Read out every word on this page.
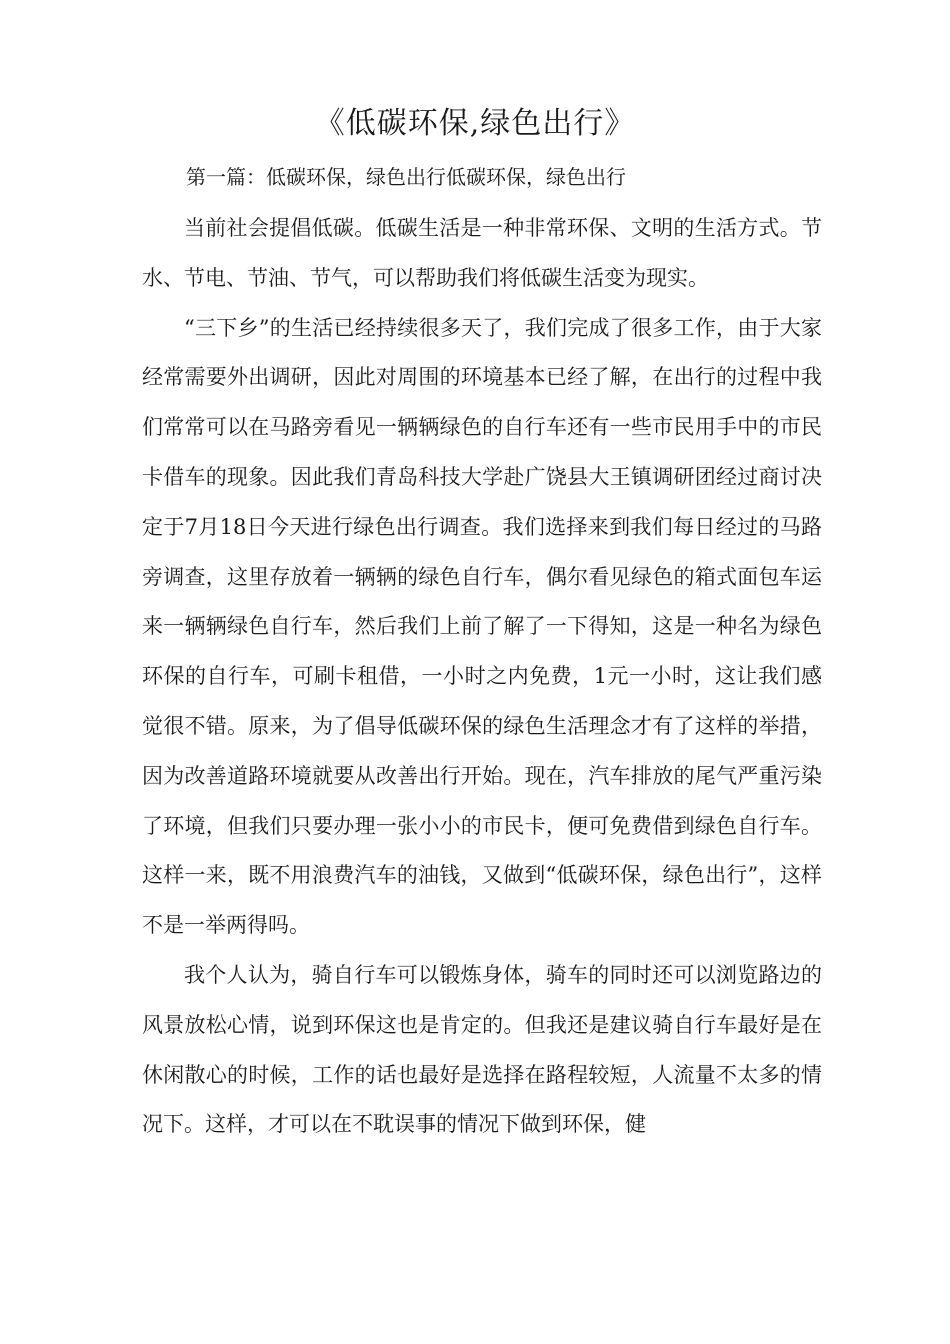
《低碳环保,绿色出行》

第一篇：低碳环保，绿色出行低碳环保，绿色出行

当前社会提倡低碳。低碳生活是一种非常环保、文明的生活方式。节水、节电、节油、节气，可以帮助我们将低碳生活变为现实。

“三下乡”的生活已经持续很多天了，我们完成了很多工作，由于大家经常需要外出调研，因此对周围的环境基本已经了解，在出行的过程中我们常常可以在马路旁看见一辆辆绿色的自行车还有一些市民用手中的市民卡借车的现象。因此我们青岛科技大学赴广饶县大王镇调研团经过商讨决定于7月18日今天进行绿色出行调查。我们选择来到我们每日经过的马路旁调查，这里存放着一辆辆的绿色自行车，偶尔看见绿色的箱式面包车运来一辆辆绿色自行车，然后我们上前了解了一下得知，这是一种名为绿色环保的自行车，可刷卡租借，一小时之内免费，1元一小时，这让我们感觉很不错。原来，为了倡导低碳环保的绿色生活理念才有了这样的举措，因为改善道路环境就要从改善出行开始。现在，汽车排放的尾气严重污染了环境，但我们只要办理一张小小的市民卡，便可免费借到绿色自行车。这样一来，既不用浪费汽车的油钱，又做到“低碳环保，绿色出行”，这样不是一举两得吗。

我个人认为，骑自行车可以锻炼身体，骑车的同时还可以浏览路边的风景放松心情，说到环保这也是肯定的。但我还是建议骑自行车最好是在休闲散心的时候，工作的话也最好是选择在路程较短，人流量不太多的情况下。这样，才可以在不耽误事的情况下做到环保，健
